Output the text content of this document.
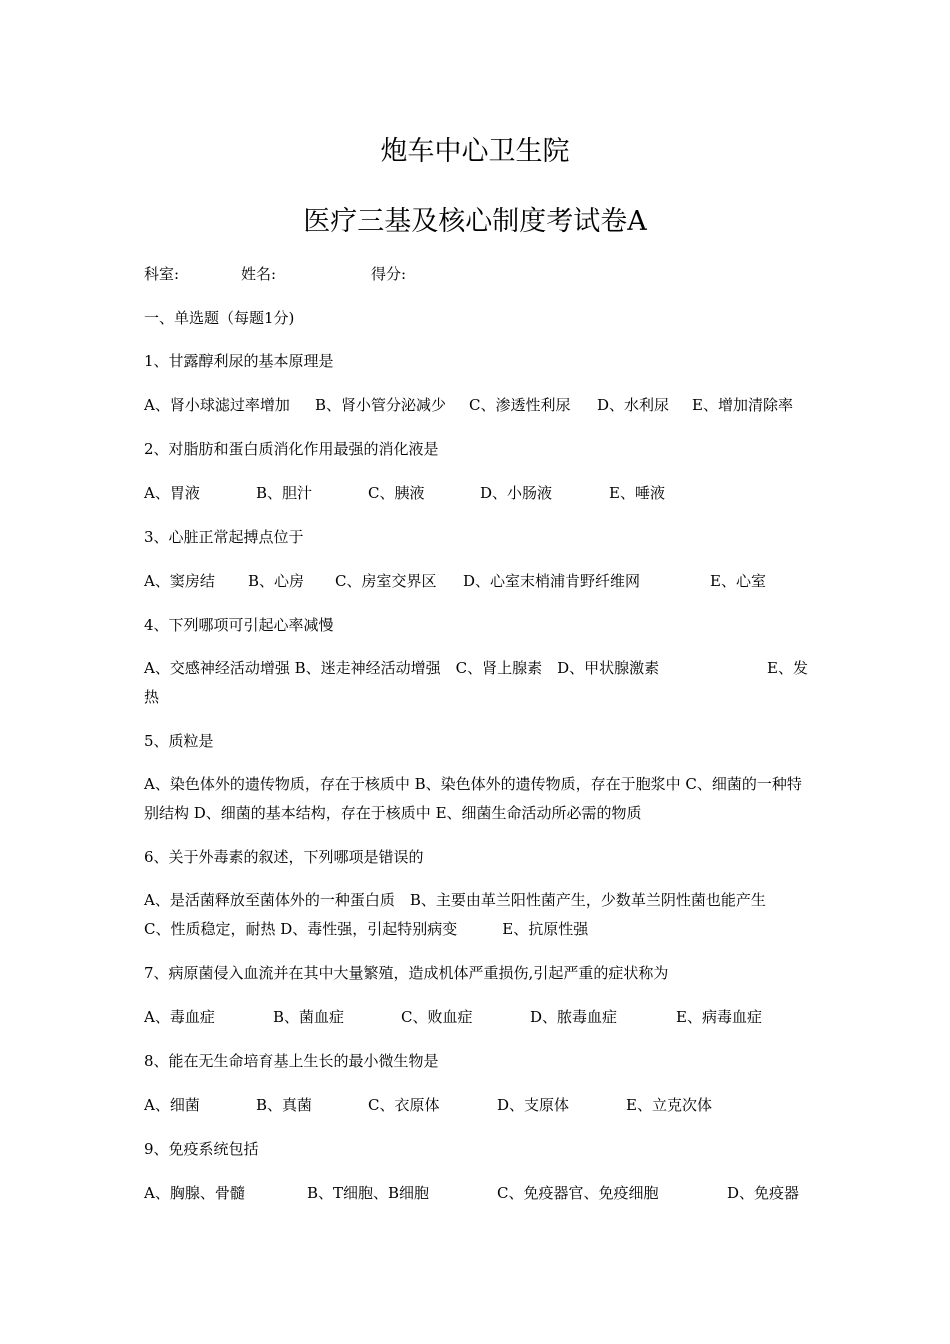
炮车中心卫生院
医疗三基及核心制度考试卷A
科室:	姓名:	得分:
一、单选题（每题1分)
1、甘露醇利尿的基本原理是
A、肾小球滤过率增加 B、肾小管分泌减少 C、渗透性利尿 D、水利尿 E、增加清除率
2、对脂肪和蛋白质消化作用最强的消化液是
A、胃液	B、胆汁	C、胰液	D、小肠液	E、唾液
3、心脏正常起搏点位于
A、窦房结 B、心房 C、房室交界区 D、心室末梢浦肯野纤维网	E、心室
4、下列哪项可引起心率减慢
E、发
A、交感神经活动增强 B、迷走神经活动增强　C、肾上腺素　D、甲状腺激素
热
5、质粒是
A、染色体外的遗传物质，存在于核质中 B、染色体外的遗传物质，存在于胞浆中 C、细菌的一种特别结构 D、细菌的基本结构，存在于核质中 E、细菌生命活动所必需的物质
6、关于外毒素的叙述，下列哪项是错误的
A、是活菌释放至菌体外的一种蛋白质　B、主要由革兰阳性菌产生，少数革兰阴性菌也能产生　 C、性质稳定，耐热 D、毒性强，引起特别病变　　　E、抗原性强
7、病原菌侵入血流并在其中大量繁殖，造成机体严重损伤,引起严重的症状称为
A、毒血症	B、菌血症	C、败血症	D、脓毒血症	E、病毒血症
8、能在无生命培育基上生长的最小微生物是
A、细菌	B、真菌	C、衣原体	D、支原体	E、立克次体
9、免疫系统包括
A、胸腺、骨髓	B、T细胞、B细胞	C、免疫器官、免疫细胞	D、免疫器
